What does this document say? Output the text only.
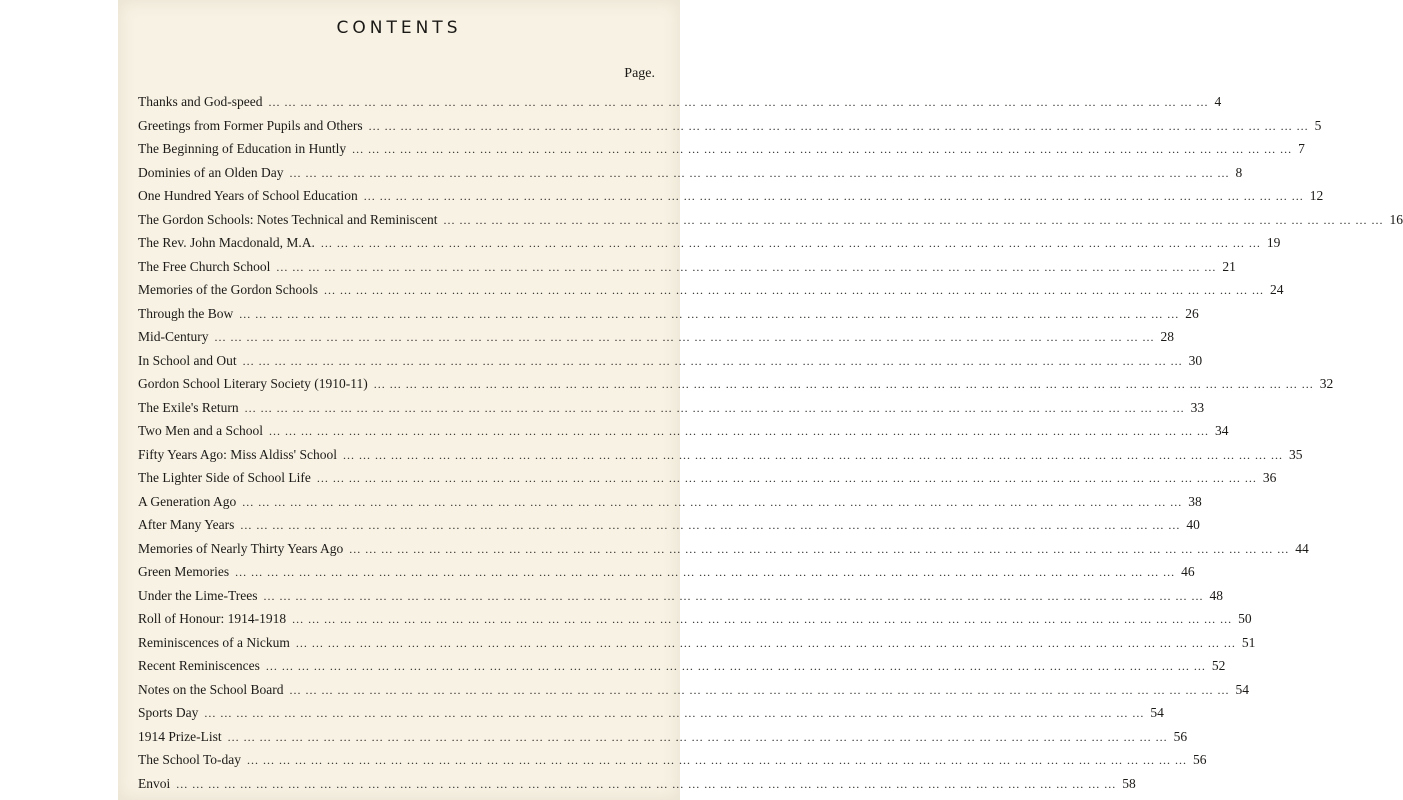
CONTENTS
Page.
Thanks and God-speed ... ... ... ... ... ... ... ... ... ... ... ... ... ... ... ... ... ... ... ... ... ... ... ... ... ... ... ... ... ... ... ... ... ... ... ... ... ... ... ... ... ... ... ... ... ... ... ... ... ... ... ... ... ... ... ... ... ... ... 4
Greetings from Former Pupils and Others ... ... ... ... ... ... ... ... ... ... ... ... ... ... ... ... ... ... ... ... ... ... ... ... ... ... ... ... ... ... ... ... ... ... ... ... ... ... ... ... ... ... ... ... ... ... ... ... ... ... ... ... ... ... ... ... ... ... ... 5
The Beginning of Education in Huntly ... ... ... ... ... ... ... ... ... ... ... ... ... ... ... ... ... ... ... ... ... ... ... ... ... ... ... ... ... ... ... ... ... ... ... ... ... ... ... ... ... ... ... ... ... ... ... ... ... ... ... ... ... ... ... ... ... ... ... 7
Dominies of an Olden Day ... ... ... ... ... ... ... ... ... ... ... ... ... ... ... ... ... ... ... ... ... ... ... ... ... ... ... ... ... ... ... ... ... ... ... ... ... ... ... ... ... ... ... ... ... ... ... ... ... ... ... ... ... ... ... ... ... ... ... 8
One Hundred Years of School Education ... ... ... ... ... ... ... ... ... ... ... ... ... ... ... ... ... ... ... ... ... ... ... ... ... ... ... ... ... ... ... ... ... ... ... ... ... ... ... ... ... ... ... ... ... ... ... ... ... ... ... ... ... ... ... ... ... ... ... 12
The Gordon Schools: Notes Technical and Reminiscent ... ... ... ... ... ... ... ... ... ... ... ... ... ... ... ... ... ... ... ... ... ... ... ... ... ... ... ... ... ... ... ... ... ... ... ... ... ... ... ... ... ... ... ... ... ... ... ... ... ... ... ... ... ... ... ... ... ... ... 16
The Rev. John Macdonald, M.A. ... ... ... ... ... ... ... ... ... ... ... ... ... ... ... ... ... ... ... ... ... ... ... ... ... ... ... ... ... ... ... ... ... ... ... ... ... ... ... ... ... ... ... ... ... ... ... ... ... ... ... ... ... ... ... ... ... ... ... 19
The Free Church School ... ... ... ... ... ... ... ... ... ... ... ... ... ... ... ... ... ... ... ... ... ... ... ... ... ... ... ... ... ... ... ... ... ... ... ... ... ... ... ... ... ... ... ... ... ... ... ... ... ... ... ... ... ... ... ... ... ... ... 21
Memories of the Gordon Schools ... ... ... ... ... ... ... ... ... ... ... ... ... ... ... ... ... ... ... ... ... ... ... ... ... ... ... ... ... ... ... ... ... ... ... ... ... ... ... ... ... ... ... ... ... ... ... ... ... ... ... ... ... ... ... ... ... ... ... 24
Through the Bow ... ... ... ... ... ... ... ... ... ... ... ... ... ... ... ... ... ... ... ... ... ... ... ... ... ... ... ... ... ... ... ... ... ... ... ... ... ... ... ... ... ... ... ... ... ... ... ... ... ... ... ... ... ... ... ... ... ... ... 26
Mid-Century ... ... ... ... ... ... ... ... ... ... ... ... ... ... ... ... ... ... ... ... ... ... ... ... ... ... ... ... ... ... ... ... ... ... ... ... ... ... ... ... ... ... ... ... ... ... ... ... ... ... ... ... ... ... ... ... ... ... ... 28
In School and Out ... ... ... ... ... ... ... ... ... ... ... ... ... ... ... ... ... ... ... ... ... ... ... ... ... ... ... ... ... ... ... ... ... ... ... ... ... ... ... ... ... ... ... ... ... ... ... ... ... ... ... ... ... ... ... ... ... ... ... 30
Gordon School Literary Society (1910-11) ... ... ... ... ... ... ... ... ... ... ... ... ... ... ... ... ... ... ... ... ... ... ... ... ... ... ... ... ... ... ... ... ... ... ... ... ... ... ... ... ... ... ... ... ... ... ... ... ... ... ... ... ... ... ... ... ... ... ... 32
The Exile's Return ... ... ... ... ... ... ... ... ... ... ... ... ... ... ... ... ... ... ... ... ... ... ... ... ... ... ... ... ... ... ... ... ... ... ... ... ... ... ... ... ... ... ... ... ... ... ... ... ... ... ... ... ... ... ... ... ... ... ... 33
Two Men and a School ... ... ... ... ... ... ... ... ... ... ... ... ... ... ... ... ... ... ... ... ... ... ... ... ... ... ... ... ... ... ... ... ... ... ... ... ... ... ... ... ... ... ... ... ... ... ... ... ... ... ... ... ... ... ... ... ... ... ... 34
Fifty Years Ago: Miss Aldiss' School ... ... ... ... ... ... ... ... ... ... ... ... ... ... ... ... ... ... ... ... ... ... ... ... ... ... ... ... ... ... ... ... ... ... ... ... ... ... ... ... ... ... ... ... ... ... ... ... ... ... ... ... ... ... ... ... ... ... ... 35
The Lighter Side of School Life ... ... ... ... ... ... ... ... ... ... ... ... ... ... ... ... ... ... ... ... ... ... ... ... ... ... ... ... ... ... ... ... ... ... ... ... ... ... ... ... ... ... ... ... ... ... ... ... ... ... ... ... ... ... ... ... ... ... ... 36
A Generation Ago ... ... ... ... ... ... ... ... ... ... ... ... ... ... ... ... ... ... ... ... ... ... ... ... ... ... ... ... ... ... ... ... ... ... ... ... ... ... ... ... ... ... ... ... ... ... ... ... ... ... ... ... ... ... ... ... ... ... ... 38
After Many Years ... ... ... ... ... ... ... ... ... ... ... ... ... ... ... ... ... ... ... ... ... ... ... ... ... ... ... ... ... ... ... ... ... ... ... ... ... ... ... ... ... ... ... ... ... ... ... ... ... ... ... ... ... ... ... ... ... ... ... 40
Memories of Nearly Thirty Years Ago ... ... ... ... ... ... ... ... ... ... ... ... ... ... ... ... ... ... ... ... ... ... ... ... ... ... ... ... ... ... ... ... ... ... ... ... ... ... ... ... ... ... ... ... ... ... ... ... ... ... ... ... ... ... ... ... ... ... ... 44
Green Memories ... ... ... ... ... ... ... ... ... ... ... ... ... ... ... ... ... ... ... ... ... ... ... ... ... ... ... ... ... ... ... ... ... ... ... ... ... ... ... ... ... ... ... ... ... ... ... ... ... ... ... ... ... ... ... ... ... ... ... 46
Under the Lime-Trees ... ... ... ... ... ... ... ... ... ... ... ... ... ... ... ... ... ... ... ... ... ... ... ... ... ... ... ... ... ... ... ... ... ... ... ... ... ... ... ... ... ... ... ... ... ... ... ... ... ... ... ... ... ... ... ... ... ... ... 48
Roll of Honour: 1914-1918 ... ... ... ... ... ... ... ... ... ... ... ... ... ... ... ... ... ... ... ... ... ... ... ... ... ... ... ... ... ... ... ... ... ... ... ... ... ... ... ... ... ... ... ... ... ... ... ... ... ... ... ... ... ... ... ... ... ... ... 50
Reminiscences of a Nickum ... ... ... ... ... ... ... ... ... ... ... ... ... ... ... ... ... ... ... ... ... ... ... ... ... ... ... ... ... ... ... ... ... ... ... ... ... ... ... ... ... ... ... ... ... ... ... ... ... ... ... ... ... ... ... ... ... ... ... 51
Recent Reminiscences ... ... ... ... ... ... ... ... ... ... ... ... ... ... ... ... ... ... ... ... ... ... ... ... ... ... ... ... ... ... ... ... ... ... ... ... ... ... ... ... ... ... ... ... ... ... ... ... ... ... ... ... ... ... ... ... ... ... ... 52
Notes on the School Board ... ... ... ... ... ... ... ... ... ... ... ... ... ... ... ... ... ... ... ... ... ... ... ... ... ... ... ... ... ... ... ... ... ... ... ... ... ... ... ... ... ... ... ... ... ... ... ... ... ... ... ... ... ... ... ... ... ... ... 54
Sports Day ... ... ... ... ... ... ... ... ... ... ... ... ... ... ... ... ... ... ... ... ... ... ... ... ... ... ... ... ... ... ... ... ... ... ... ... ... ... ... ... ... ... ... ... ... ... ... ... ... ... ... ... ... ... ... ... ... ... ... 54
1914 Prize-List ... ... ... ... ... ... ... ... ... ... ... ... ... ... ... ... ... ... ... ... ... ... ... ... ... ... ... ... ... ... ... ... ... ... ... ... ... ... ... ... ... ... ... ... ... ... ... ... ... ... ... ... ... ... ... ... ... ... ... 56
The School To-day ... ... ... ... ... ... ... ... ... ... ... ... ... ... ... ... ... ... ... ... ... ... ... ... ... ... ... ... ... ... ... ... ... ... ... ... ... ... ... ... ... ... ... ... ... ... ... ... ... ... ... ... ... ... ... ... ... ... ... 56
Envoi ... ... ... ... ... ... ... ... ... ... ... ... ... ... ... ... ... ... ... ... ... ... ... ... ... ... ... ... ... ... ... ... ... ... ... ... ... ... ... ... ... ... ... ... ... ... ... ... ... ... ... ... ... ... ... ... ... ... ... 58
